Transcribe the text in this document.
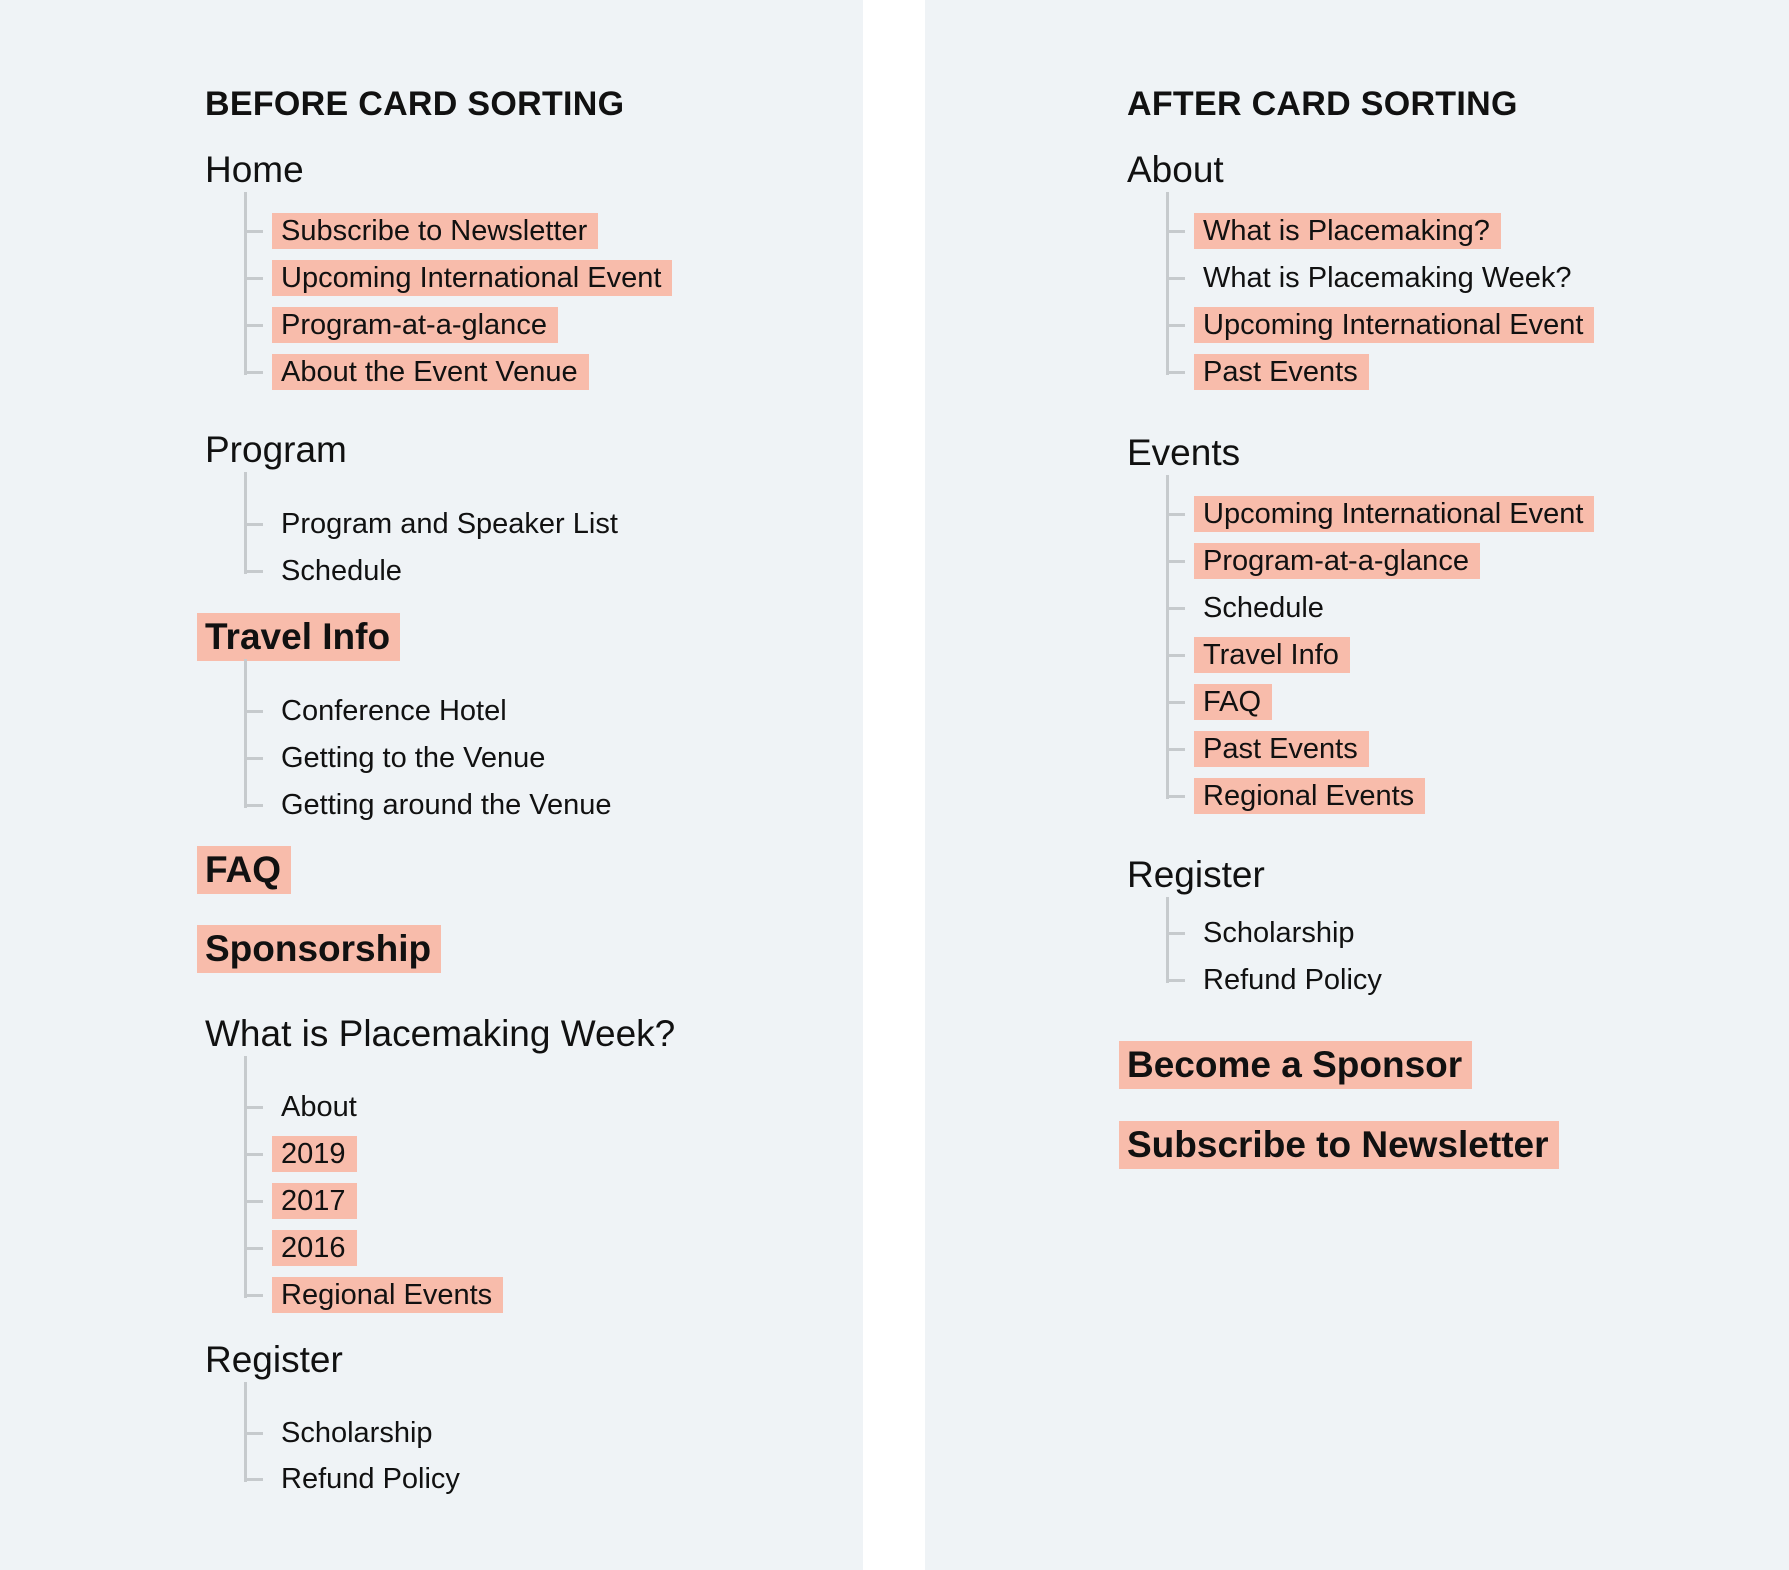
BEFORE CARD SORTING
Home
Subscribe to Newsletter
Upcoming International Event
Program-at-a-glance
About the Event Venue
Program
Program and Speaker List
Schedule
Travel Info
Conference Hotel
Getting to the Venue
Getting around the Venue
FAQ
Sponsorship
What is Placemaking Week?
About
2019
2017
2016
Regional Events
Register
Scholarship
Refund Policy
AFTER CARD SORTING
About
What is Placemaking?
What is Placemaking Week?
Upcoming International Event
Past Events
Events
Upcoming International Event
Program-at-a-glance
Schedule
Travel Info
FAQ
Past Events
Regional Events
Register
Scholarship
Refund Policy
Become a Sponsor
Subscribe to Newsletter
